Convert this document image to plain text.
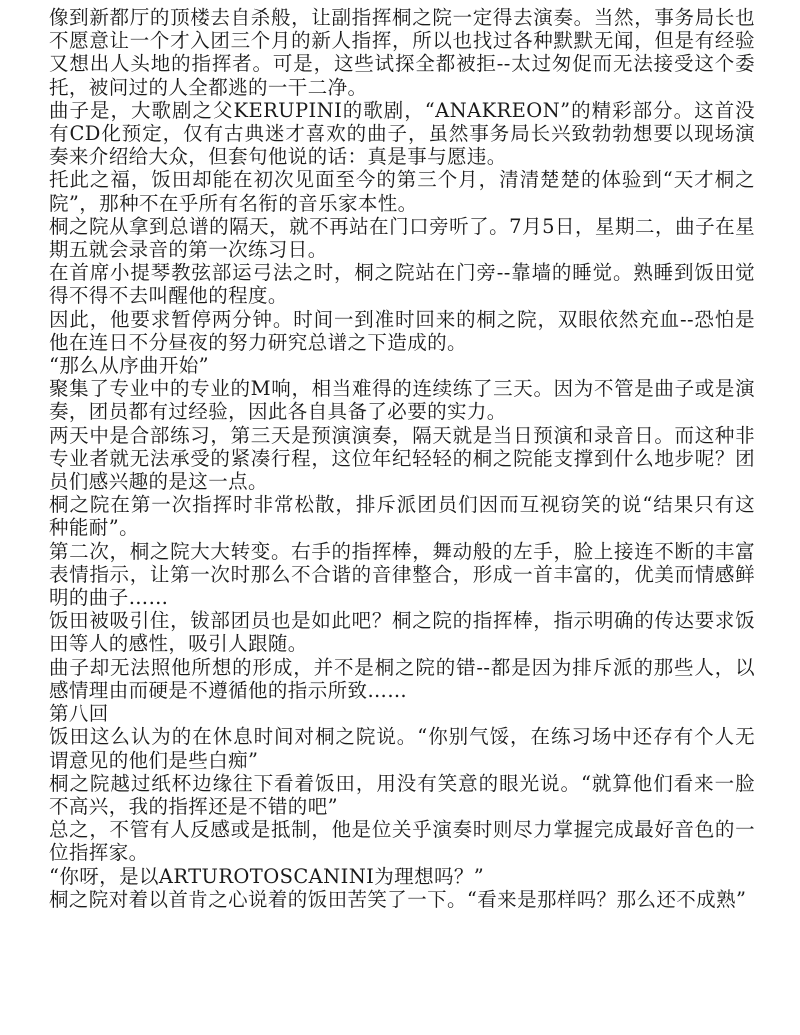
像到新都厅的顶楼去自杀般，让副指挥桐之院一定得去演奏。当然，事务局长也不愿意让一个才入团三个月的新人指挥，所以也找过各种默默无闻，但是有经验又想出人头地的指挥者。可是，这些试探全都被拒--太过匆促而无法接受这个委托，被问过的人全都逃的一干二净。

曲子是，大歌剧之父KERUPINI的歌剧，“ANAKREON”的精彩部分。这首没有CD化预定，仅有古典迷才喜欢的曲子，虽然事务局长兴致勃勃想要以现场演奏来介绍给大众，但套句他说的话：真是事与愿违。

托此之福，饭田却能在初次见面至今的第三个月，清清楚楚的体验到“天才桐之院”，那种不在乎所有名衔的音乐家本性。

桐之院从拿到总谱的隔天，就不再站在门口旁听了。7月5日，星期二，曲子在星期五就会录音的第一次练习日。

在首席小提琴教弦部运弓法之时，桐之院站在门旁--靠墙的睡觉。熟睡到饭田觉得不得不去叫醒他的程度。

因此，他要求暂停两分钟。时间一到准时回来的桐之院，双眼依然充血--恐怕是他在连日不分昼夜的努力研究总谱之下造成的。

“那么从序曲开始”

聚集了专业中的专业的M响，相当难得的连续练了三天。因为不管是曲子或是演奏，团员都有过经验，因此各自具备了必要的实力。

两天中是合部练习，第三天是预演演奏，隔天就是当日预演和录音日。而这种非专业者就无法承受的紧凑行程，这位年纪轻轻的桐之院能支撑到什么地步呢？团员们感兴趣的是这一点。

桐之院在第一次指挥时非常松散，排斥派团员们因而互视窃笑的说“结果只有这种能耐”。

第二次，桐之院大大转变。右手的指挥棒，舞动般的左手，脸上接连不断的丰富表情指示，让第一次时那么不合谐的音律整合，形成一首丰富的，优美而情感鲜明的曲子……

饭田被吸引住，钹部团员也是如此吧？桐之院的指挥棒，指示明确的传达要求饭田等人的感性，吸引人跟随。

曲子却无法照他所想的形成，并不是桐之院的错--都是因为排斥派的那些人，以感情理由而硬是不遵循他的指示所致……

第八回

饭田这么认为的在休息时间对桐之院说。“你别气馁，在练习场中还存有个人无谓意见的他们是些白痴”

桐之院越过纸杯边缘往下看着饭田，用没有笑意的眼光说。“就算他们看来一脸不高兴，我的指挥还是不错的吧”

总之，不管有人反感或是抵制，他是位关乎演奏时则尽力掌握完成最好音色的一位指挥家。

“你呀，是以ARTUROTOSCANINI为理想吗？”

桐之院对着以首肯之心说着的饭田苦笑了一下。“看来是那样吗？那么还不成熟”
